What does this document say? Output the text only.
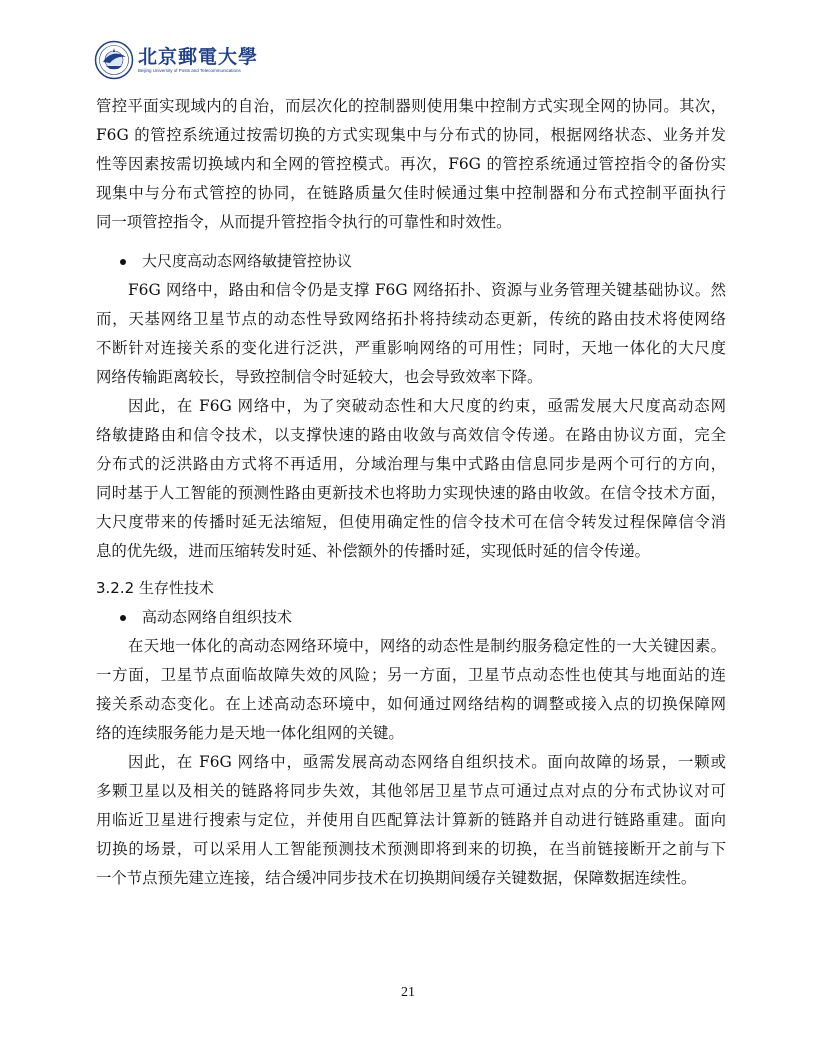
北京郵電大學
Beijing University of Posts and Telecommunications

管控平面实现域内的自治，而层次化的控制器则使用集中控制方式实现全网的协同。其次，

F6G 的管控系统通过按需切换的方式实现集中与分布式的协同，根据网络状态、业务并发

性等因素按需切换域内和全网的管控模式。再次，F6G 的管控系统通过管控指令的备份实

现集中与分布式管控的协同，在链路质量欠佳时候通过集中控制器和分布式控制平面执行

同一项管控指令，从而提升管控指令执行的可靠性和时效性。

大尺度高动态网络敏捷管控协议

F6G 网络中，路由和信令仍是支撑 F6G 网络拓扑、资源与业务管理关键基础协议。然

而，天基网络卫星节点的动态性导致网络拓扑将持续动态更新，传统的路由技术将使网络

不断针对连接关系的变化进行泛洪，严重影响网络的可用性；同时，天地一体化的大尺度

网络传输距离较长，导致控制信令时延较大，也会导致效率下降。

因此，在 F6G 网络中，为了突破动态性和大尺度的约束，亟需发展大尺度高动态网

络敏捷路由和信令技术，以支撑快速的路由收敛与高效信令传递。在路由协议方面，完全

分布式的泛洪路由方式将不再适用，分域治理与集中式路由信息同步是两个可行的方向，

同时基于人工智能的预测性路由更新技术也将助力实现快速的路由收敛。在信令技术方面，

大尺度带来的传播时延无法缩短，但使用确定性的信令技术可在信令转发过程保障信令消

息的优先级，进而压缩转发时延、补偿额外的传播时延，实现低时延的信令传递。

3.2.2 生存性技术
高动态网络自组织技术

在天地一体化的高动态网络环境中，网络的动态性是制约服务稳定性的一大关键因素。

一方面，卫星节点面临故障失效的风险；另一方面，卫星节点动态性也使其与地面站的连

接关系动态变化。在上述高动态环境中，如何通过网络结构的调整或接入点的切换保障网

络的连续服务能力是天地一体化组网的关键。

因此，在 F6G 网络中，亟需发展高动态网络自组织技术。面向故障的场景，一颗或

多颗卫星以及相关的链路将同步失效，其他邻居卫星节点可通过点对点的分布式协议对可

用临近卫星进行搜索与定位，并使用自匹配算法计算新的链路并自动进行链路重建。面向

切换的场景，可以采用人工智能预测技术预测即将到来的切换，在当前链接断开之前与下

一个节点预先建立连接，结合缓冲同步技术在切换期间缓存关键数据，保障数据连续性。

21
